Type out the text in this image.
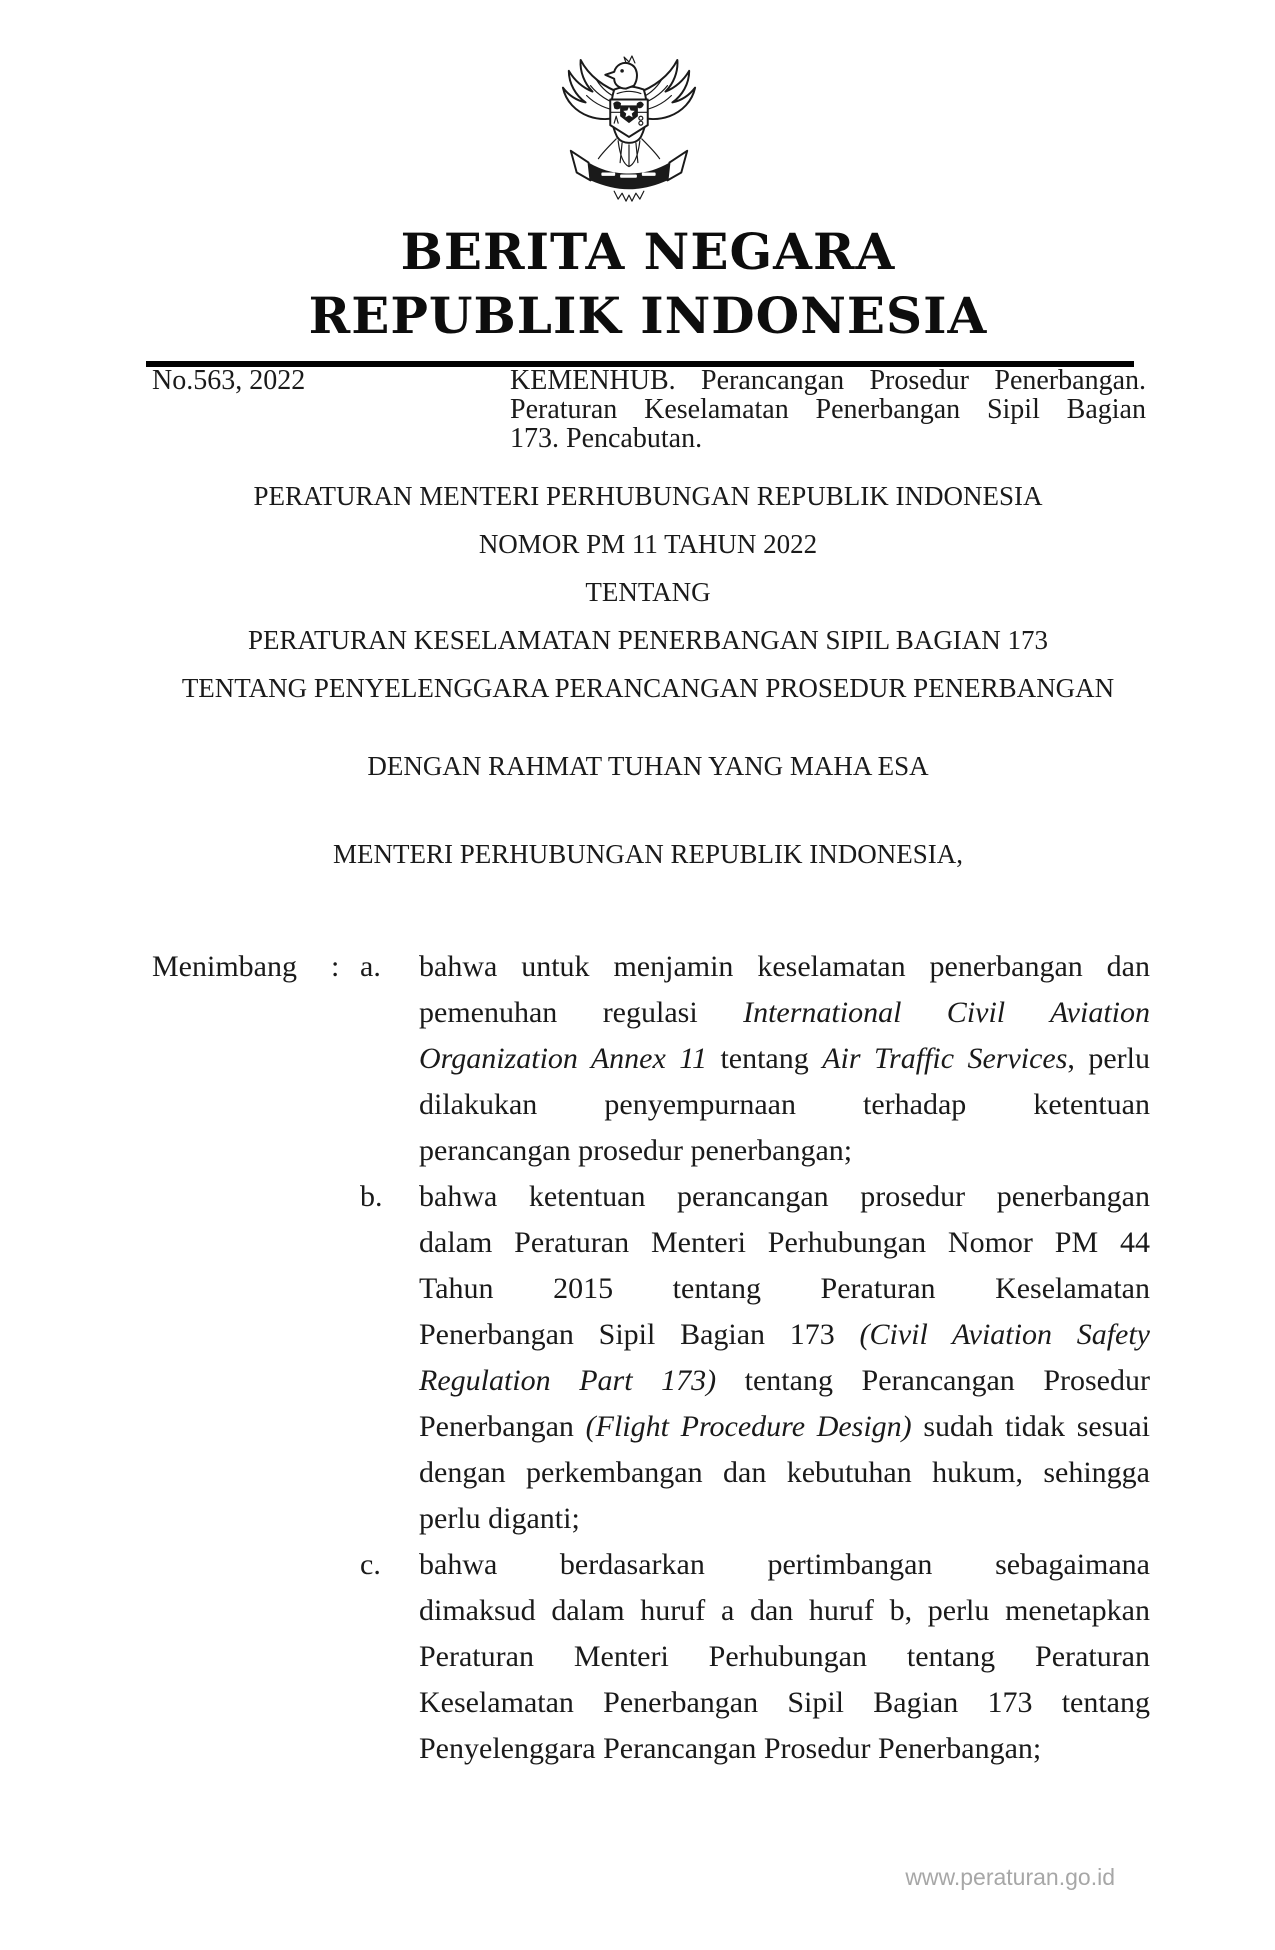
BERITA NEGARA
REPUBLIK INDONESIA
No.563, 2022	KEMENHUB. Perancangan Prosedur Penerbangan.
Peraturan Keselamatan Penerbangan Sipil Bagian
173. Pencabutan.
PERATURAN MENTERI PERHUBUNGAN REPUBLIK INDONESIA
NOMOR PM 11 TAHUN 2022
TENTANG
PERATURAN KESELAMATAN PENERBANGAN SIPIL BAGIAN 173
TENTANG PENYELENGGARA PERANCANGAN PROSEDUR PENERBANGAN
DENGAN RAHMAT TUHAN YANG MAHA ESA
MENTERI PERHUBUNGAN REPUBLIK INDONESIA,
Menimbang	: a.	bahwa untuk menjamin keselamatan penerbangan dan
pemenuhan regulasi International Civil Aviation
Organization Annex 11 tentang Air Traffic Services, perlu
dilakukan penyempurnaan terhadap ketentuan
perancangan prosedur penerbangan;
b.	bahwa ketentuan perancangan prosedur penerbangan
dalam Peraturan Menteri Perhubungan Nomor PM 44
Tahun 2015 tentang Peraturan Keselamatan
Penerbangan Sipil Bagian 173 (Civil Aviation Safety
Regulation Part 173) tentang Perancangan Prosedur
Penerbangan (Flight Procedure Design) sudah tidak sesuai
dengan perkembangan dan kebutuhan hukum, sehingga
perlu diganti;
c.	bahwa berdasarkan pertimbangan sebagaimana
dimaksud dalam huruf a dan huruf b, perlu menetapkan
Peraturan Menteri Perhubungan tentang Peraturan
Keselamatan Penerbangan Sipil Bagian 173 tentang
Penyelenggara Perancangan Prosedur Penerbangan;
www.peraturan.go.id
